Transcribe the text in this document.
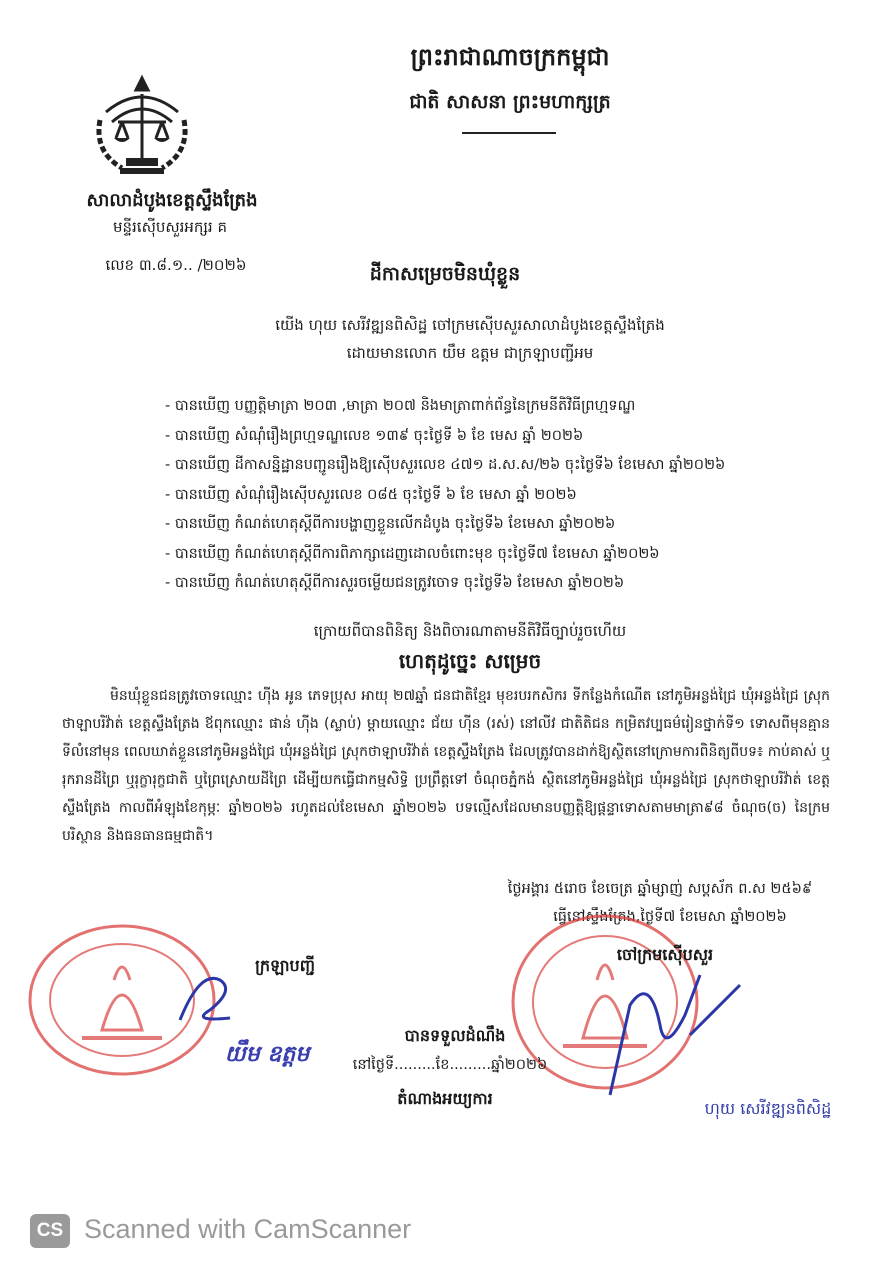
ព្រះរាជាណាចក្រកម្ពុជា
ជាតិ សាសនា ព្រះមហាក្សត្រ
សាលាដំបូងខេត្តស្ទឹងត្រែង
មន្ទីរស៊ើបសួរអក្សរ គ
លេខ ៣.៨.១.. /២០២៦	ដីកាសម្រេចមិនឃុំខ្លួន
យើង ហុយ សេរីវឌ្ឍនពិសិដ្ឋ ចៅក្រមស៊ើបសួរសាលាដំបូងខេត្តស្ទឹងត្រែង
ដោយមានលោក យឹម ឧត្តម ជាក្រឡាបញ្ជីអម
- បានឃើញ បញ្ញត្តិមាត្រា ២០៣ ,មាត្រា ២០៧ និងមាត្រាពាក់ព័ន្ធនៃក្រមនីតិវិធីព្រហ្មទណ្ឌ
- បានឃើញ សំណុំរឿងព្រហ្មទណ្ឌលេខ ១៣៩ ចុះថ្ងៃទី ៦ ខែ មេស ឆ្នាំ ២០២៦
- បានឃើញ ដីកាសន្និដ្ឋានបញ្ជូនរឿងឱ្យស៊ើបសួរលេខ ៤៧១ ដ.ស.ស/២៦ ចុះថ្ងៃទី៦ ខែមេសា ឆ្នាំ២០២៦
- បានឃើញ សំណុំរឿងស៊ើបសួរលេខ ០៨៥ ចុះថ្ងៃទី ៦ ខែ មេសា ឆ្នាំ ២០២៦
- បានឃើញ កំណត់ហេតុស្តីពីការបង្ហាញខ្លួនលើកដំបូង ចុះថ្ងៃទី៦ ខែមេសា ឆ្នាំ២០២៦
- បានឃើញ កំណត់ហេតុស្តីពីការពិភាក្សាដេញដោលចំពោះមុខ ចុះថ្ងៃទី៧ ខែមេសា ឆ្នាំ២០២៦
- បានឃើញ កំណត់ហេតុស្តីពីការសួរចម្លើយជនត្រូវចោទ ចុះថ្ងៃទី៦ ខែមេសា ឆ្នាំ២០២៦
ក្រោយពីបានពិនិត្យ និងពិចារណាតាមនីតិវិធីច្បាប់រួចហើយ
ហេតុដូច្នេះ សម្រេច

មិនឃុំខ្លួនជនត្រូវចោទឈ្មោះ ហ៊ីង អូន ភេទប្រុស អាយុ ២៧ឆ្នាំ ជនជាតិខ្មែរ មុខរបរកសិករ ទីកន្លែងកំណើត នៅភូមិអន្លង់ជ្រៃ ឃុំអន្លង់ជ្រៃ ស្រុកថាឡាបរិវ៉ាត់ ខេត្តស្ទឹងត្រែង ឪពុកឈ្មោះ ផាន់ ហ៊ីង (ស្លាប់) ម្តាយឈ្មោះ ជ័យ ហ៊ីន (រស់) នៅលីវ ជាតិតិជន កម្រិតវប្បធម៌រៀនថ្នាក់ទី១ ទោសពីមុនគ្មាន ទីលំនៅមុន ពេលឃាត់ខ្លួននៅភូមិអន្លង់ជ្រៃ ឃុំអន្លង់ជ្រៃ ស្រុកថាឡាបរិវ៉ាត់ ខេត្តស្ទឹងត្រែង ដែលត្រូវបានដាក់ឱ្យស្ថិតនៅក្រោមការពិនិត្យពីបទ៖ កាប់គាស់ ឬរុករានដីព្រៃ ឬរុក្ខារុក្ខជាតិ ឬព្រៃស្រោយដីព្រៃ ដើម្បីយកធ្វើជាកម្មសិទ្ធិ ប្រព្រឹត្តទៅ ចំណុចភ្នំកង់ ស្ថិតនៅភូមិអន្លង់ជ្រៃ ឃុំអន្លង់ជ្រៃ ស្រុកថាឡាបរិវ៉ាត់ ខេត្តស្ទឹងត្រែង កាលពីអំឡុងខែកុម្ភៈ ឆ្នាំ២០២៦ រហូតដល់ខែមេសា ឆ្នាំ២០២៦ បទល្មើសដែលមានបញ្ញត្តិឱ្យផ្តន្ទាទោសតាមមាត្រា៩៨ ចំណុច(ច) នៃក្រមបរិស្ថាន និងធនធានធម្មជាតិ។

ថ្ងៃអង្គារ ៥រោច ខែចេត្រ ឆ្នាំម្សាញ់ សប្តស័ក ព.ស ២៥៦៩
ធ្វើនៅស្ទឹងត្រែង,ថ្ងៃទី៧ ខែមេសា ឆ្នាំ២០២៦
ក្រឡាបញ្ជី
ចៅក្រមស៊ើបសួរ
យឹម ឧត្តម
ហុយ សេរីវឌ្ឍនពិសិដ្ឋ
បានទទួលដំណឹង
នៅថ្ងៃទី.........ខែ.........ឆ្នាំ២០២៦
តំណាងអយ្យការ
CS Scanned with CamScanner
